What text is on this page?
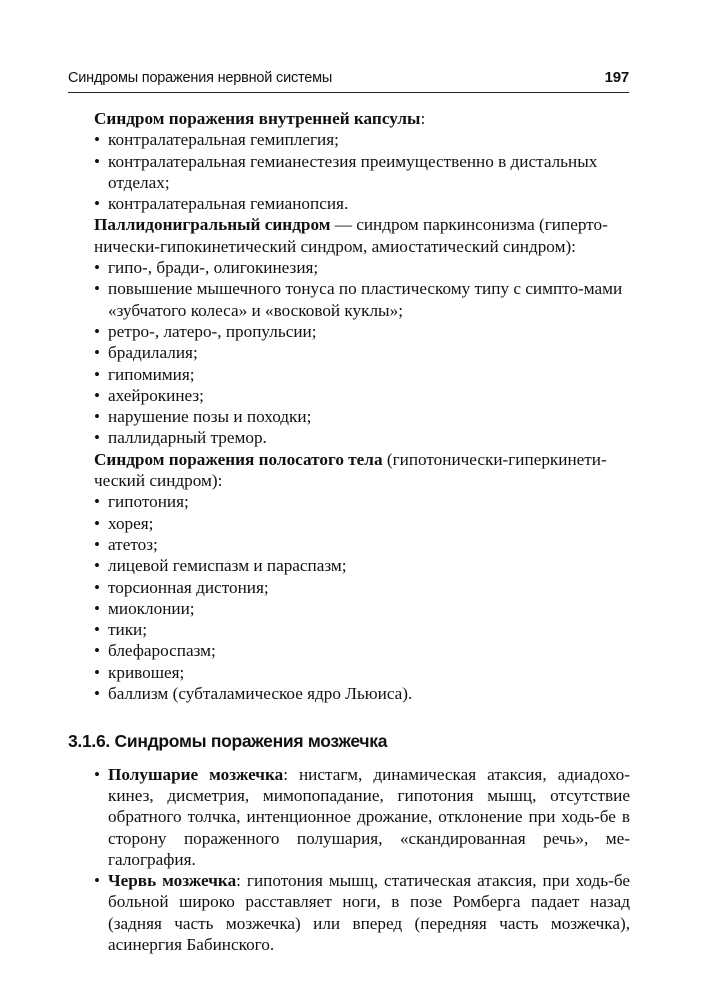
Синдромы поражения нервной системы	197

Синдром поражения внутренней капсулы:

• контралатеральная гемиплегия;
• контралатеральная гемианестезия преимущественно в дистальных отделах;
• контралатеральная гемианопсия.

Паллидонигральный синдром — синдром паркинсонизма (гиперто-

нически-гипокинетический синдром, амиостатический синдром):

• гипо-, бради-, олигокинезия;
• повышение мышечного тонуса по пластическому типу с симпто-мами «зубчатого колеса» и «восковой куклы»;
• ретро-, латеро-, пропульсии;
• брадилалия;
• гипомимия;
• ахейрокинез;
• нарушение позы и походки;
• паллидарный тремор.

Синдром поражения полосатого тела (гипотонически-гиперкинети-

ческий синдром):

• гипотония;
• хорея;
• атетоз;
• лицевой гемиспазм и параспазм;
• торсионная дистония;
• миоклонии;
• тики;
• блефароспазм;
• кривошея;
• баллизм (субталамическое ядро Льюиса).
3.1.6. Синдромы поражения мозжечка
• Полушарие мозжечка: нистагм, динамическая атаксия, адиадохо-кинез, дисметрия, мимопопадание, гипотония мышц, отсутствие обратного толчка, интенционное дрожание, отклонение при ходь-бе в сторону пораженного полушария, «скандированная речь», ме-галография.
• Червь мозжечка: гипотония мышц, статическая атаксия, при ходь-бе больной широко расставляет ноги, в позе Ромберга падает назад (задняя часть мозжечка) или вперед (передняя часть мозжечка), асинергия Бабинского.
